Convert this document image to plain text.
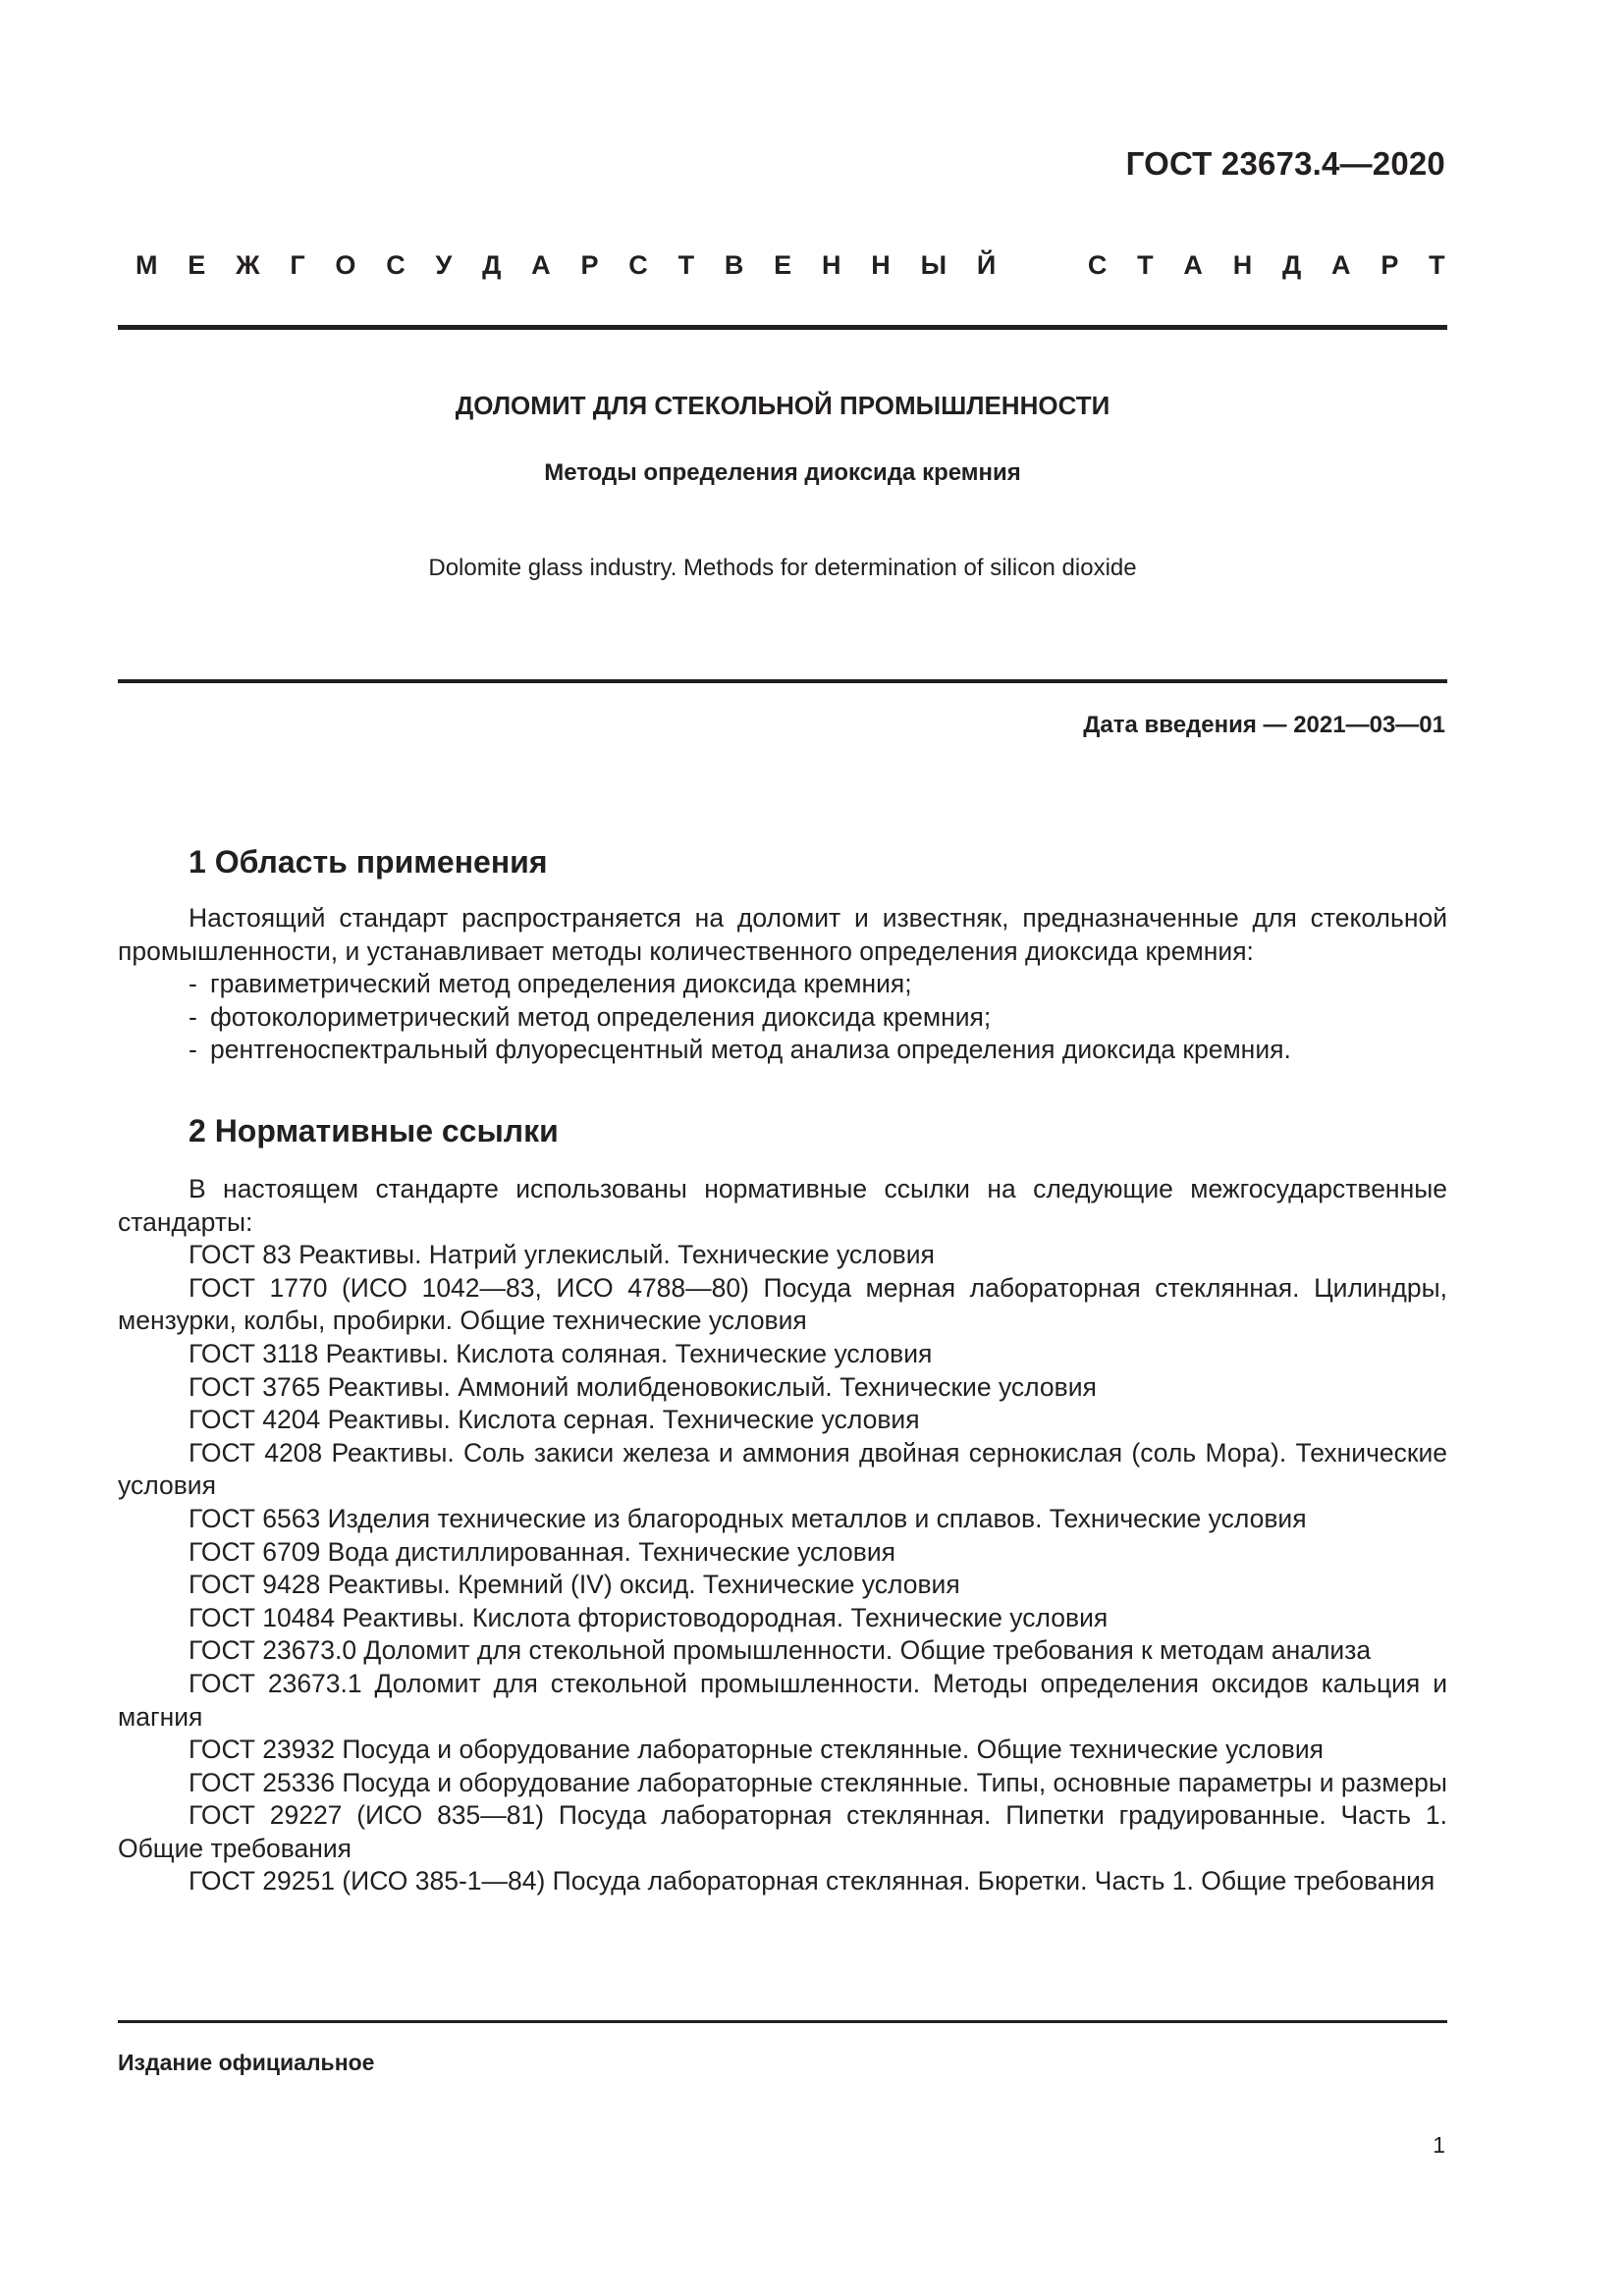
ГОСТ 23673.4—2020
М Е Ж Г О С У Д А Р С Т В Е Н Н Ы Й	С Т А Н Д А Р Т
ДОЛОМИТ ДЛЯ СТЕКОЛЬНОЙ ПРОМЫШЛЕННОСТИ
Методы определения диоксида кремния
Dolomite glass industry. Methods for determination of silicon dioxide
Дата введения — 2021—03—01
1 Область применения

Настоящий стандарт распространяется на доломит и известняк, предназначенные для стекольной промышленности, и устанавливает методы количественного определения диоксида кремния:

- гравиметрический метод определения диоксида кремния;
- фотоколориметрический метод определения диоксида кремния;
- рентгеноспектральный флуоресцентный метод анализа определения диоксида кремния.
2 Нормативные ссылки

В настоящем стандарте использованы нормативные ссылки на следующие межгосударственные стандарты:

ГОСТ 83 Реактивы. Натрий углекислый. Технические условия

ГОСТ 1770 (ИСО 1042—83, ИСО 4788—80) Посуда мерная лабораторная стеклянная. Цилиндры, мензурки, колбы, пробирки. Общие технические условия

ГОСТ 3118 Реактивы. Кислота соляная. Технические условия

ГОСТ 3765 Реактивы. Аммоний молибденовокислый. Технические условия

ГОСТ 4204 Реактивы. Кислота серная. Технические условия

ГОСТ 4208 Реактивы. Соль закиси железа и аммония двойная сернокислая (соль Мора). Технические условия

ГОСТ 6563 Изделия технические из благородных металлов и сплавов. Технические условия

ГОСТ 6709 Вода дистиллированная. Технические условия

ГОСТ 9428 Реактивы. Кремний (IV) оксид. Технические условия

ГОСТ 10484 Реактивы. Кислота фтористоводородная. Технические условия

ГОСТ 23673.0 Доломит для стекольной промышленности. Общие требования к методам анализа

ГОСТ 23673.1 Доломит для стекольной промышленности. Методы определения оксидов кальция и магния

ГОСТ 23932 Посуда и оборудование лабораторные стеклянные. Общие технические условия

ГОСТ 25336 Посуда и оборудование лабораторные стеклянные. Типы, основные параметры и размеры

ГОСТ 29227 (ИСО 835—81) Посуда лабораторная стеклянная. Пипетки градуированные. Часть 1. Общие требования

ГОСТ 29251 (ИСО 385-1—84) Посуда лабораторная стеклянная. Бюретки. Часть 1. Общие требования

Издание официальное
1
